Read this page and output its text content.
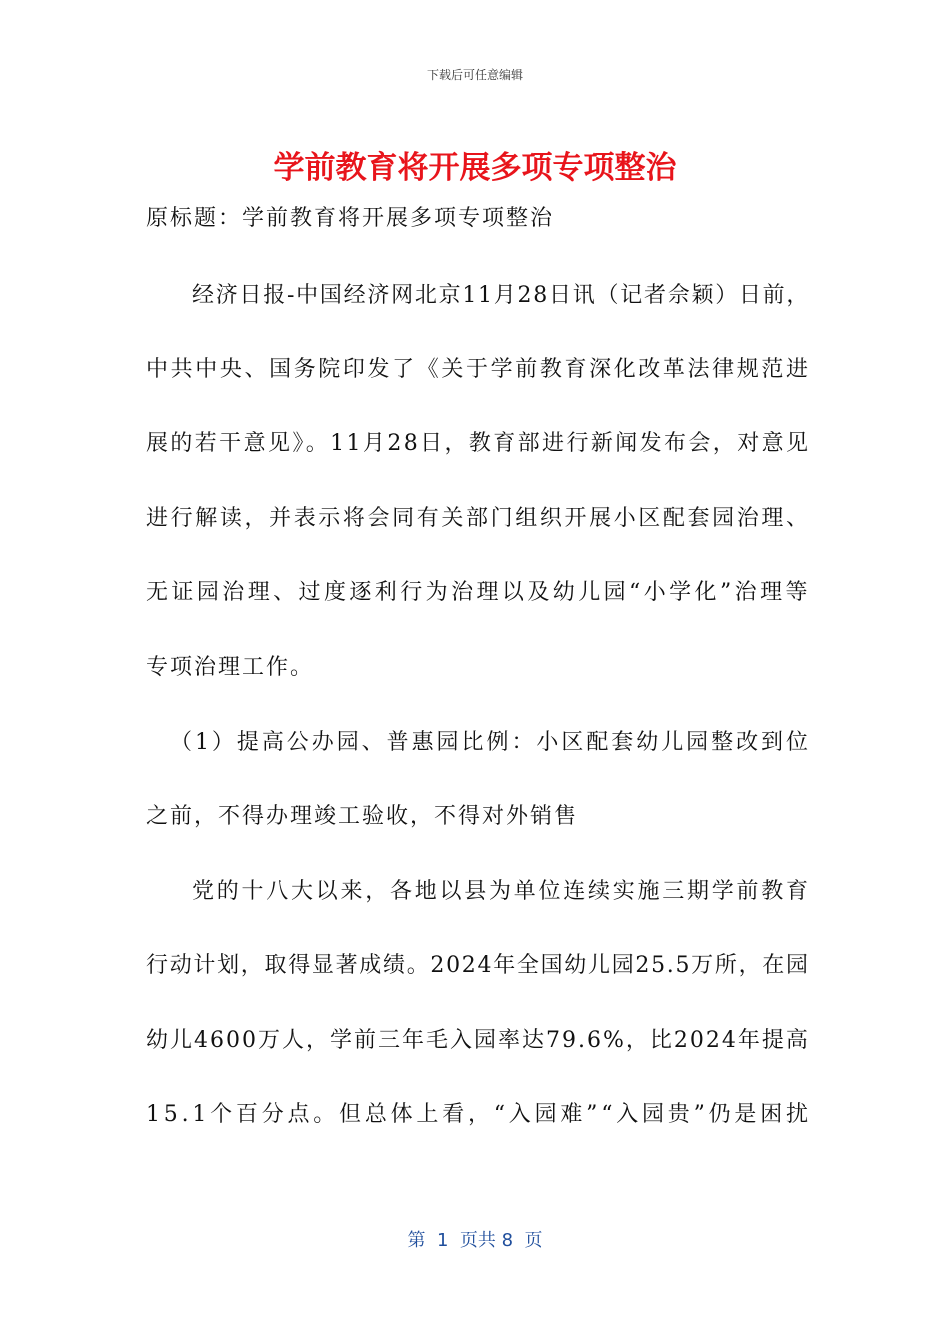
下载后可任意编辑
学前教育将开展多项专项整治
原标题：学前教育将开展多项专项整治
经济日报-中国经济网北京11月28日讯（记者佘颖）日前，
中共中央、国务院印发了《关于学前教育深化改革法律规范进
展的若干意见》。11月28日，教育部进行新闻发布会，对意见
进行解读，并表示将会同有关部门组织开展小区配套园治理、
无证园治理、过度逐利行为治理以及幼儿园“小学化”治理等
专项治理工作。
（1）提高公办园、普惠园比例：小区配套幼儿园整改到位
之前，不得办理竣工验收，不得对外销售
党的十八大以来，各地以县为单位连续实施三期学前教育
行动计划，取得显著成绩。2024年全国幼儿园25.5万所，在园
幼儿4600万人，学前三年毛入园率达79.6%，比2024年提高
15.1个百分点。但总体上看，“入园难”“入园贵”仍是困扰
第  1  页共 8  页
